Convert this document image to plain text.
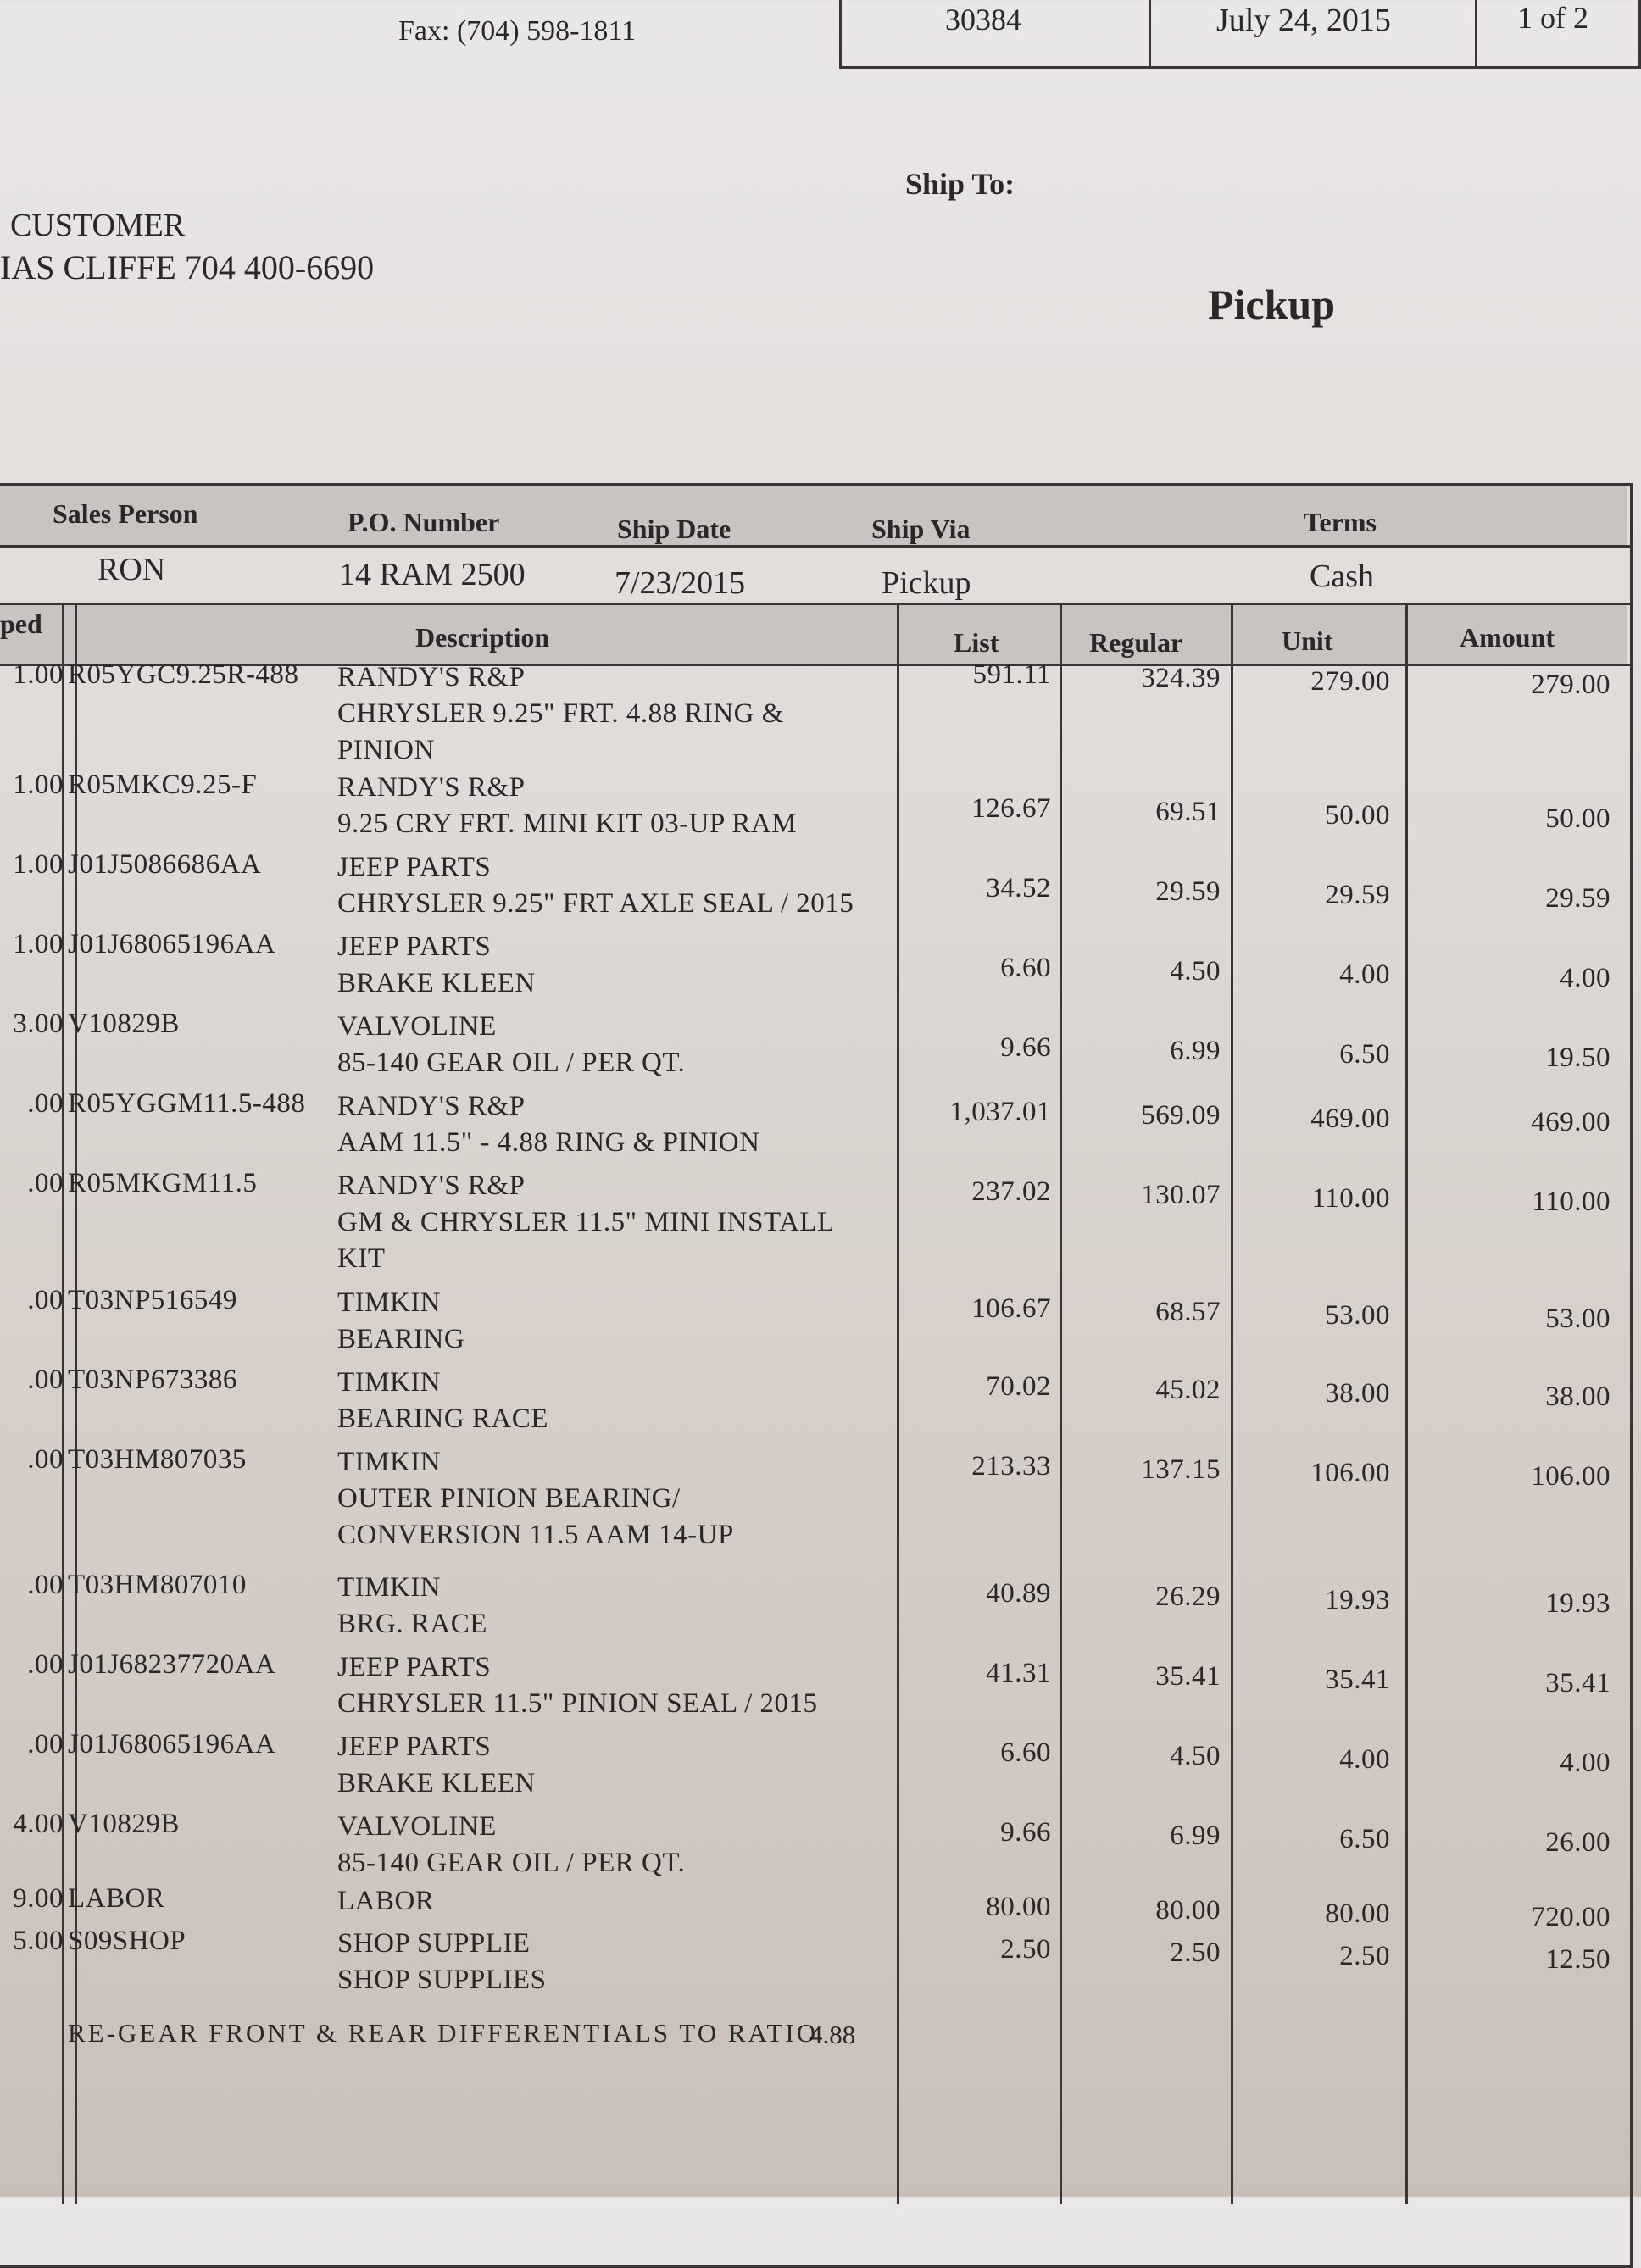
Fax: (704) 598-1811	30384	July 24, 2015	1 of 2
Ship To:
CUSTOMER
IAS CLIFFE 704 400-6690
Pickup
Sales Person	P.O. Number	Ship Date	Ship Via	Terms
RON	14 RAM 2500	7/23/2015	Pickup	Cash
ped	Description	List	Regular	Unit	Amount
1.00 R05YGC9.25R-488 RANDY'S R&P
CHRYSLER 9.25" FRT. 4.88 RING &
PINION
591.11	324.39	279.00	279.00
1.00 R05MKC9.25-F	RANDY'S R&P
9.25 CRY FRT. MINI KIT 03-UP RAM	126.67	69.51	50.00	50.00
1.00 J01J5086686AA	JEEP PARTS
CHRYSLER 9.25" FRT AXLE SEAL / 2015	34.52	29.59	29.59	29.59
1.00 J01J68065196AA JEEP PARTS
BRAKE KLEEN	6.60	4.50	4.00	4.00
3.00 V10829B	VALVOLINE
85-140 GEAR OIL / PER QT.	9.66	6.99	6.50	19.50
.00 R05YGGM11.5-488 RANDY'S R&P
AAM 11.5" - 4.88 RING & PINION
1,037.01	569.09	469.00	469.00
.00 R05MKGM11.5	RANDY'S R&P
GM & CHRYSLER 11.5" MINI INSTALL
KIT
237.02	130.07	110.00	110.00
.00 T03NP516549	TIMKIN
BEARING
106.67	68.57	53.00	53.00
.00 T03NP673386	TIMKIN
BEARING RACE
70.02	45.02	38.00	38.00
.00 T03HM807035	TIMKIN
OUTER PINION BEARING/
CONVERSION 11.5 AAM 14-UP
213.33	137.15	106.00	106.00
.00 T03HM807010	TIMKIN
BRG. RACE
40.89	26.29	19.93	19.93
.00 J01J68237720AA JEEP PARTS
CHRYSLER 11.5" PINION SEAL / 2015
41.31	35.41	35.41	35.41
.00 J01J68065196AA JEEP PARTS
BRAKE KLEEN
6.60	4.50	4.00	4.00
4.00 V10829B	VALVOLINE
85-140 GEAR OIL / PER QT.
9.66	6.99	6.50	26.00
9.00 LABOR	LABOR	80.00	80.00	80.00	720.00
5.00 S09SHOP	SHOP SUPPLIE
SHOP SUPPLIES
2.50	2.50	2.50	12.50
RE-GEAR FRONT & REAR DIFFERENTIALS TO RATIO
4.88
